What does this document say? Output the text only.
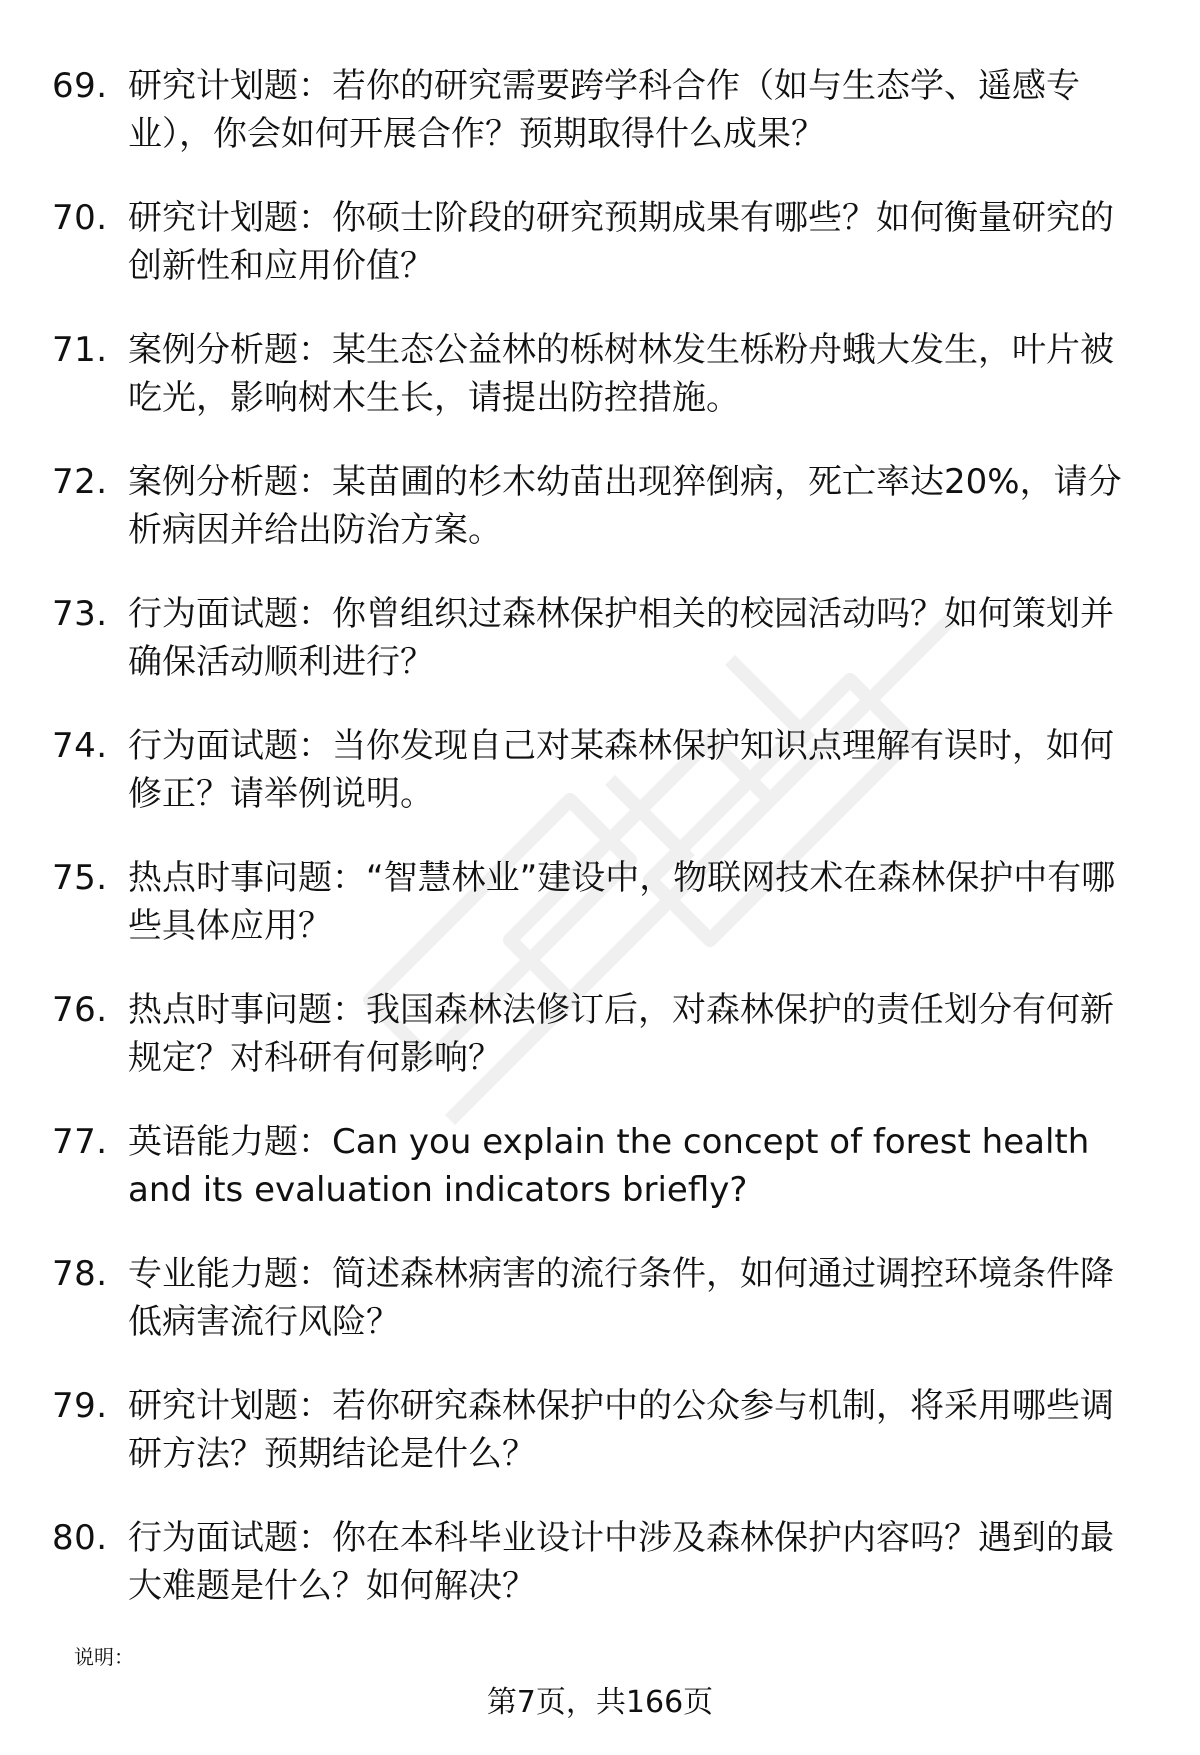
69. 研究计划题：若你的研究需要跨学科合作（如与生态学、遥感专业），你会如何开展合作？预期取得什么成果？
70. 研究计划题：你硕士阶段的研究预期成果有哪些？如何衡量研究的创新性和应用价值？
71. 案例分析题：某生态公益林的栎树林发生栎粉舟蛾大发生，叶片被吃光，影响树木生长，请提出防控措施。
72. 案例分析题：某苗圃的杉木幼苗出现猝倒病，死亡率达20%，请分析病因并给出防治方案。
73. 行为面试题：你曾组织过森林保护相关的校园活动吗？如何策划并确保活动顺利进行？
74. 行为面试题：当你发现自己对某森林保护知识点理解有误时，如何修正？请举例说明。
75. 热点时事问题：“智慧林业”建设中，物联网技术在森林保护中有哪些具体应用？
76. 热点时事问题：我国森林法修订后，对森林保护的责任划分有何新规定？对科研有何影响？
77. 英语能力题：Can you explain the concept of forest health and its evaluation indicators briefly?
78. 专业能力题：简述森林病害的流行条件，如何通过调控环境条件降低病害流行风险？
79. 研究计划题：若你研究森林保护中的公众参与机制，将采用哪些调研方法？预期结论是什么？
80. 行为面试题：你在本科毕业设计中涉及森林保护内容吗？遇到的最大难题是什么？如何解决？
说明：
第7页，共166页
